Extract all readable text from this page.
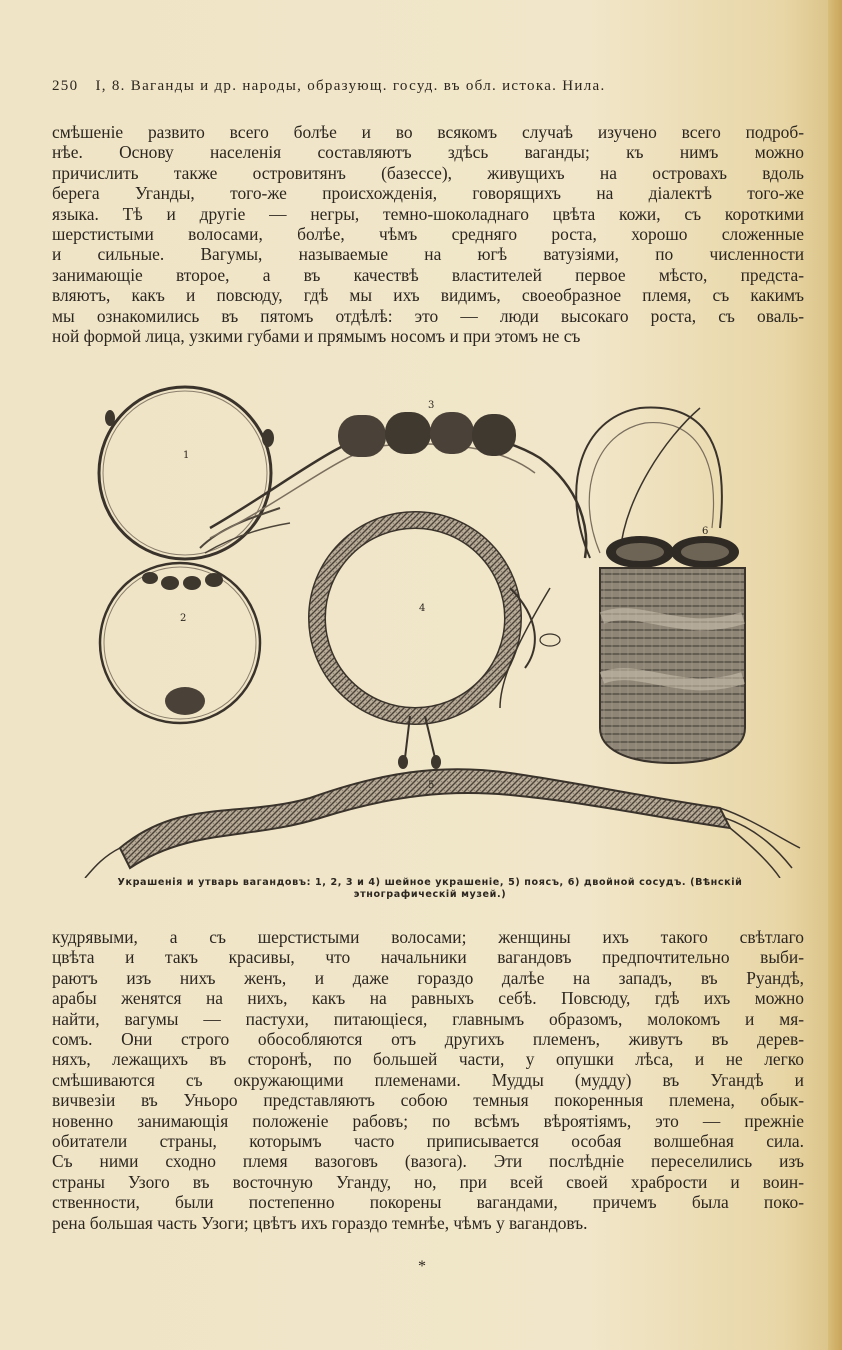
250 I, 8. Ваганды и др. народы, образующ. госуд. въ обл. истока. Нила.
смѣшеніе развито всего болѣе и во всякомъ случаѣ изучено всего подроб-
нѣе. Основу населенія составляютъ здѣсь ваганды; къ нимъ можно
причислить также островитянъ (базессе), живущихъ на островахъ вдоль
берега Уганды, того-же происхожденія, говорящихъ на діалектѣ того-же
языка. Тѣ и другіе — негры, темно-шоколаднаго цвѣта кожи, съ короткими
шерстистыми волосами, болѣе, чѣмъ средняго роста, хорошо сложенные
и сильные. Вагумы, называемые на югѣ ватузіями, по численности
занимающіе второе, а въ качествѣ властителей первое мѣсто, предста-
вляютъ, какъ и повсюду, гдѣ мы ихъ видимъ, своеобразное племя, съ какимъ
мы ознакомились въ пятомъ отдѣлѣ: это — люди высокаго роста, съ оваль-
ной формой лица, узкими губами и прямымъ носомъ и при этомъ не съ
1
2
3
4
5
6
Украшенія и утварь вагандовъ: 1, 2, 3 и 4) шейное украшеніе, 5) поясъ, 6) двойной сосудъ. (Вѣнскій
этнографическій музей.)
кудрявыми, а съ шерстистыми волосами; женщины ихъ такого свѣтлаго
цвѣта и такъ красивы, что начальники вагандовъ предпочтительно выби-
раютъ изъ нихъ женъ, и даже гораздо далѣе на западъ, въ Руандѣ,
арабы женятся на нихъ, какъ на равныхъ себѣ. Повсюду, гдѣ ихъ можно
найти, вагумы — пастухи, питающіеся, главнымъ образомъ, молокомъ и мя-
сомъ. Они строго обособляются отъ другихъ племенъ, живутъ въ дерев-
няхъ, лежащихъ въ сторонѣ, по большей части, у опушки лѣса, и не легко
смѣшиваются съ окружающими племенами. Мудды (мудду) въ Угандѣ и
вичвезіи въ Уньоро представляютъ собою темныя покоренныя племена, обык-
новенно занимающія положеніе рабовъ; по всѣмъ вѣроятіямъ, это — прежніе
обитатели страны, которымъ часто приписывается особая волшебная сила.
Съ ними сходно племя вазоговъ (вазога). Эти послѣдніе переселились изъ
страны Узого въ восточную Уганду, но, при всей своей храбрости и воин-
ственности, были постепенно покорены вагандами, причемъ была поко-
рена большая часть Узоги; цвѣтъ ихъ гораздо темнѣе, чѣмъ у вагандовъ.
*
